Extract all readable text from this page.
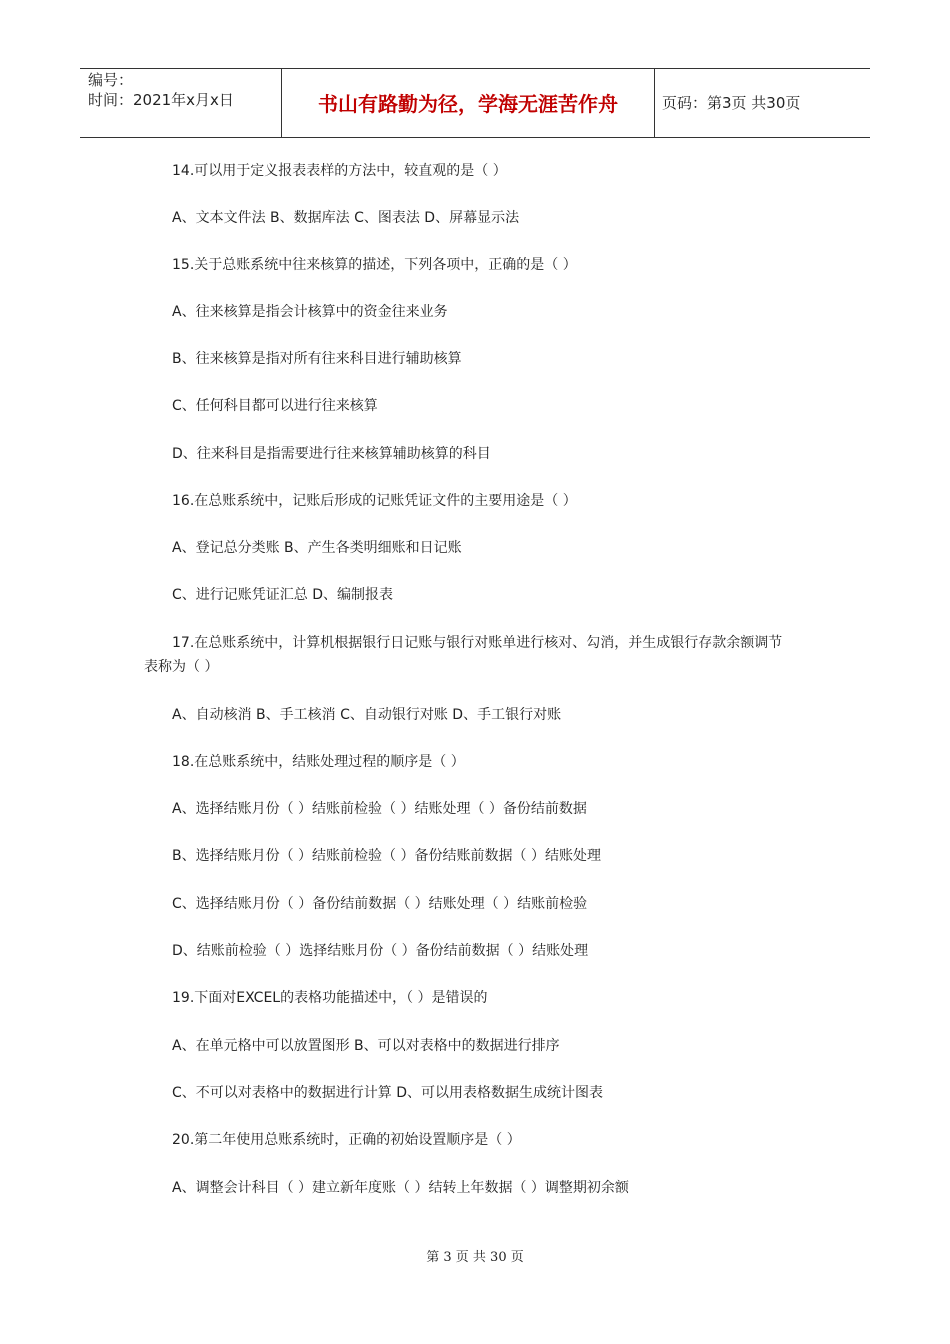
编号：
时间：2021年x月x日	书山有路勤为径，学海无涯苦作舟	页码：第3页 共30页
14.可以用于定义报表表样的方法中，较直观的是（ ）
A、文本文件法 B、数据库法 C、图表法 D、屏幕显示法
15.关于总账系统中往来核算的描述，下列各项中，正确的是（ ）
A、往来核算是指会计核算中的资金往来业务
B、往来核算是指对所有往来科目进行辅助核算
C、任何科目都可以进行往来核算
D、往来科目是指需要进行往来核算辅助核算的科目
16.在总账系统中，记账后形成的记账凭证文件的主要用途是（ ）
A、登记总分类账 B、产生各类明细账和日记账
C、进行记账凭证汇总 D、编制报表
17.在总账系统中，计算机根据银行日记账与银行对账单进行核对、勾消，并生成银行存款余额调节
表称为（ ）
A、自动核消 B、手工核消 C、自动银行对账 D、手工银行对账
18.在总账系统中，结账处理过程的顺序是（ ）
A、选择结账月份（ ）结账前检验（ ）结账处理（ ）备份结前数据
B、选择结账月份（ ）结账前检验（ ）备份结账前数据（ ）结账处理
C、选择结账月份（ ）备份结前数据（ ）结账处理（ ）结账前检验
D、结账前检验（ ）选择结账月份（ ）备份结前数据（ ）结账处理
19.下面对EXCEL的表格功能描述中，（ ）是错误的
A、在单元格中可以放置图形 B、可以对表格中的数据进行排序
C、不可以对表格中的数据进行计算 D、可以用表格数据生成统计图表
20.第二年使用总账系统时，正确的初始设置顺序是（ ）
A、调整会计科目（ ）建立新年度账（ ）结转上年数据（ ）调整期初余额
第 3 页 共 30 页
